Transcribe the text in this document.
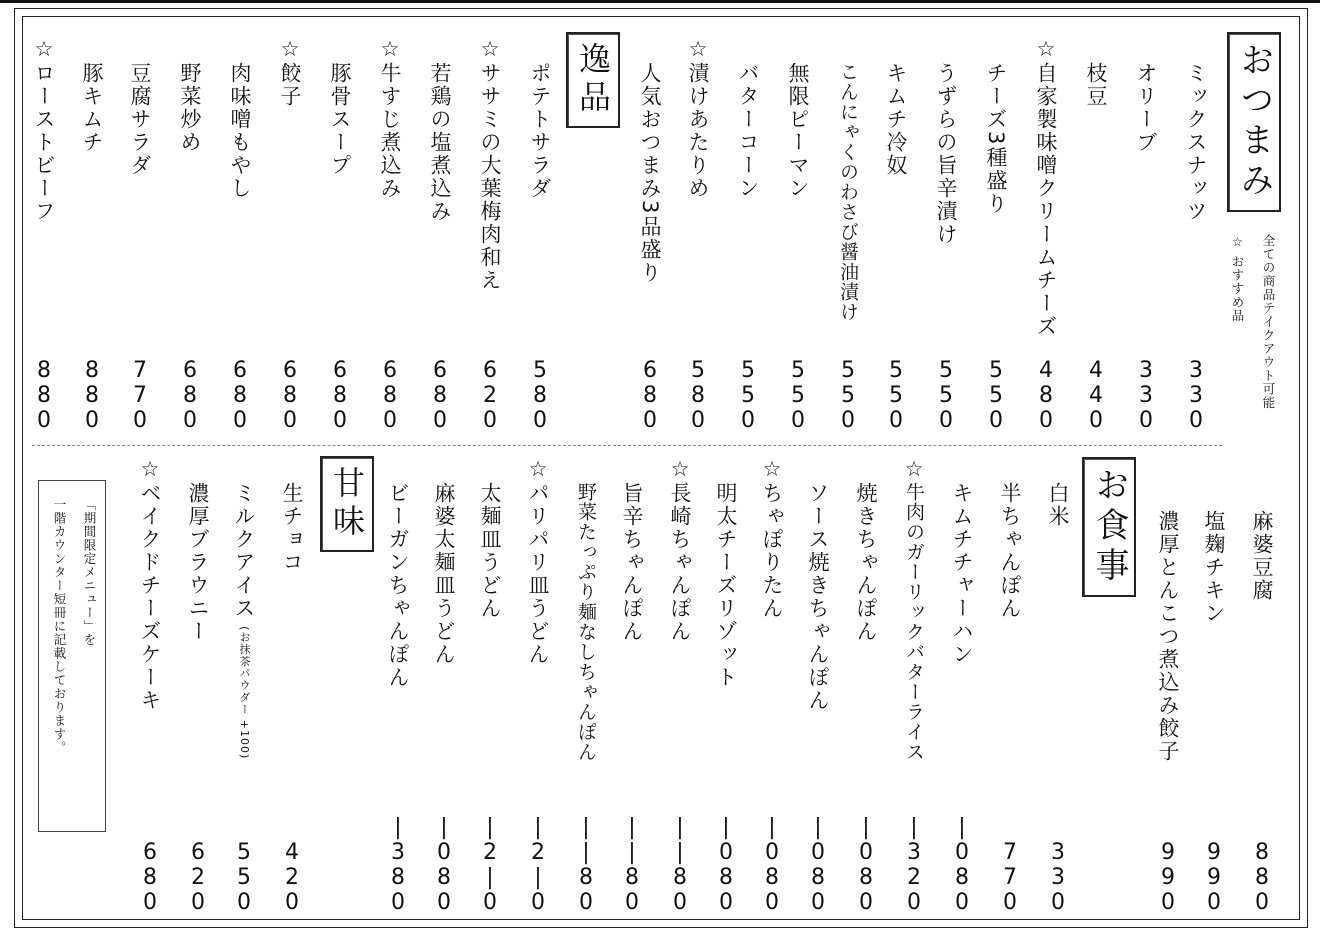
全ての商品テイクアウト可能
☆ おすすめ品
おつまみ
逸品
お食事
甘味
「期間限定メニュー」を
一階カウンター短冊に記載しております。
ミックスナッツ
3
3
0
オリーブ
3
3
0
枝豆
4
4
0
☆
自家製味噌クリームチーズ
4
8
0
チーズ3種盛り
5
5
0
うずらの旨辛漬け
5
5
0
キムチ冷奴
5
5
0
こんにゃくのわさび醤油漬け
5
5
0
無限ピーマン
5
5
0
バターコーン
5
5
0
☆
漬けあたりめ
5
8
0
人気おつまみ3品盛り
6
8
0
ポテトサラダ
5
8
0
☆
ササミの大葉梅肉和え
6
2
0
若鶏の塩煮込み
6
8
0
☆
牛すじ煮込み
6
8
0
豚骨スープ
6
8
0
☆
餃子
6
8
0
肉味噌もやし
6
8
0
野菜炒め
6
8
0
豆腐サラダ
7
7
0
豚キムチ
8
8
0
☆
ローストビーフ
8
8
0
麻婆豆腐
8
8
0
塩麹チキン
9
9
0
濃厚とんこつ煮込み餃子
9
9
0
白米
3
3
0
半ちゃんぽん
7
7
0
キムチチャーハン
|
0
8
0
☆
牛肉のガーリックバターライス
|
3
2
0
焼きちゃんぽん
|
0
8
0
ソース焼きちゃんぽん
|
0
8
0
☆
ちゃぽりたん
|
0
8
0
明太チーズリゾット
|
0
8
0
☆
長崎ちゃんぽん
|
|
8
0
旨辛ちゃんぽん
|
|
8
0
野菜たっぷり麺なしちゃんぽん
|
|
8
0
☆
パリパリ皿うどん
|
2
|
0
太麺皿うどん
|
2
|
0
麻婆太麺皿うどん
|
0
8
0
ビーガンちゃんぽん
|
3
8
0
生チョコ
4
2
0
ミルクアイス
(お抹茶パウダー +100)
5
5
0
濃厚ブラウニー
6
2
0
☆
ベイクドチーズケーキ
6
8
0
